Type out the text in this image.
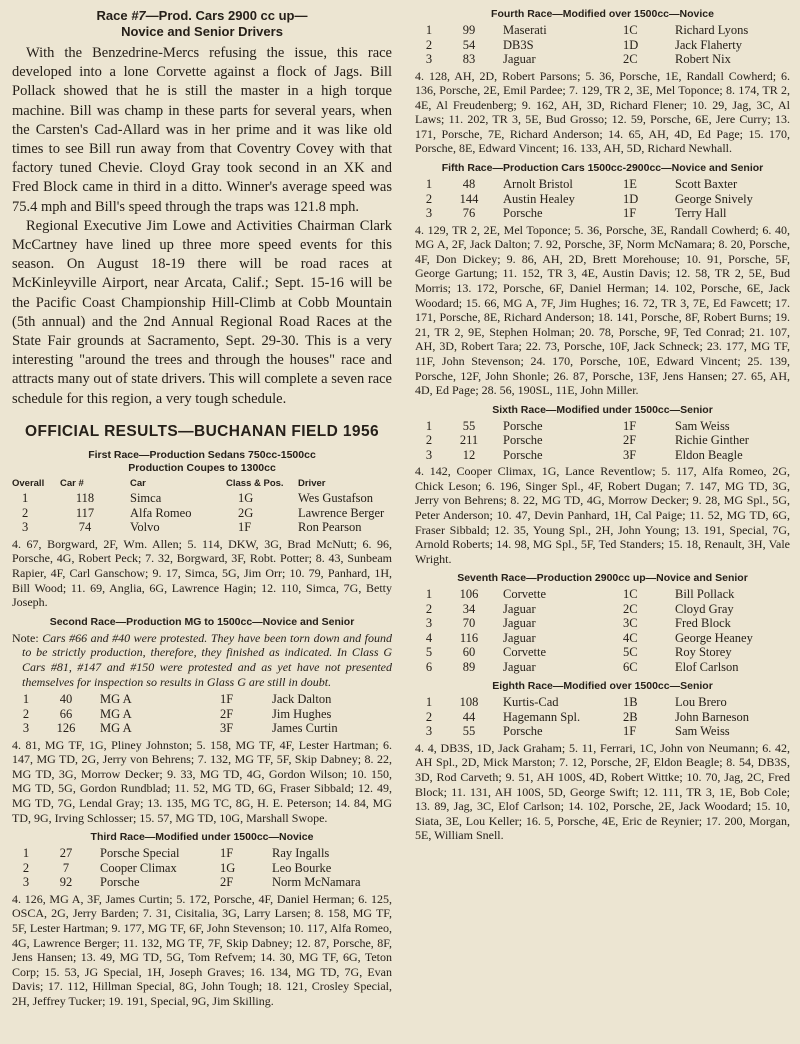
Race #7—Prod. Cars 2900 cc up—
Novice and Senior Drivers

With the Benzedrine-Mercs refusing the issue, this race developed into a lone Corvette against a flock of Jags. Bill Pollack showed that he is still the master in a high torque machine. Bill was champ in these parts for several years, when the Carsten's Cad-Allard was in her prime and it was like old times to see Bill run away from that Coventry Covey with that factory tuned Chevie. Cloyd Gray took second in an XK and Fred Block came in third in a ditto. Winner's average speed was 75.4 mph and Bill's speed through the traps was 121.8 mph.

Regional Executive Jim Lowe and Activities Chairman Clark McCartney have lined up three more speed events for this season. On August 18-19 there will be road races at McKinleyville Airport, near Arcata, Calif.; Sept. 15-16 will be the Pacific Coast Championship Hill-Climb at Cobb Mountain (5th annual) and the 2nd Annual Regional Road Races at the State Fair grounds at Sacramento, Sept. 29-30. This is a very interesting "around the trees and through the houses" race and attracts many out of state drivers. This will complete a seven race schedule for this region, a very tough schedule.

OFFICIAL RESULTS—BUCHANAN FIELD 1956
First Race—Production Sedans 750cc-1500cc
Production Coupes to 1300cc
Overall	Car #	Car	Class & Pos.	Driver
1	118	Simca	1G	Wes Gustafson
2	117	Alfa Romeo	2G	Lawrence Berger
3	74	Volvo	1F	Ron Pearson

4. 67, Borgward, 2F, Wm. Allen; 5. 114, DKW, 3G, Brad McNutt; 6. 96, Porsche, 4G, Robert Peck; 7. 32, Borgward, 3F, Robt. Potter; 8. 43, Sunbeam Rapier, 4F, Carl Ganschow; 9. 17, Simca, 5G, Jim Orr; 10. 79, Panhard, 1H, Bill Wood; 11. 69, Anglia, 6G, Lawrence Hagin; 12. 110, Simca, 7G, Betty Joseph.

Second Race—Production MG to 1500cc—Novice and Senior

Note: Cars #66 and #40 were protested. They have been torn down and found to be strictly production, therefore, they finished as indicated. In Class G Cars #81, #147 and #150 were protested and as yet have not presented themselves for inspection so results in Glass G are still in doubt.

1	40	MG A	1F	Jack Dalton
2	66	MG A	2F	Jim Hughes
3	126	MG A	3F	James Curtin

4. 81, MG TF, 1G, Pliney Johnston; 5. 158, MG TF, 4F, Lester Hartman; 6. 147, MG TD, 2G, Jerry von Behrens; 7. 132, MG TF, 5F, Skip Dabney; 8. 22, MG TD, 3G, Morrow Decker; 9. 33, MG TD, 4G, Gordon Wilson; 10. 150, MG TD, 5G, Gordon Rundblad; 11. 52, MG TD, 6G, Fraser Sibbald; 12. 49, MG TD, 7G, Lendal Gray; 13. 135, MG TC, 8G, H. E. Peterson; 14. 84, MG TD, 9G, Irving Schlosser; 15. 57, MG TD, 10G, Marshall Swope.

Third Race—Modified under 1500cc—Novice
1	27	Porsche Special	1F	Ray Ingalls
2	7	Cooper Climax	1G	Leo Bourke
3	92	Porsche	2F	Norm McNamara

4. 126, MG A, 3F, James Curtin; 5. 172, Porsche, 4F, Daniel Herman; 6. 125, OSCA, 2G, Jerry Barden; 7. 31, Cisitalia, 3G, Larry Larsen; 8. 158, MG TF, 5F, Lester Hartman; 9. 177, MG TF, 6F, John Stevenson; 10. 117, Alfa Romeo, 4G, Lawrence Berger; 11. 132, MG TF, 7F, Skip Dabney; 12. 87, Porsche, 8F, Jens Hansen; 13. 49, MG TD, 5G, Tom Refvem; 14. 30, MG TF, 6G, Teton Corp; 15. 53, JG Special, 1H, Joseph Graves; 16. 134, MG TD, 7G, Evan Davis; 17. 112, Hillman Special, 8G, John Tough; 18. 121, Crosley Special, 2H, Jeffrey Tucker; 19. 191, Special, 9G, Jim Skilling.

Fourth Race—Modified over 1500cc—Novice
1	99	Maserati	1C	Richard Lyons
2	54	DB3S	1D	Jack Flaherty
3	83	Jaguar	2C	Robert Nix

4. 128, AH, 2D, Robert Parsons; 5. 36, Porsche, 1E, Randall Cowherd; 6. 136, Porsche, 2E, Emil Pardee; 7. 129, TR 2, 3E, Mel Toponce; 8. 174, TR 2, 4E, Al Freudenberg; 9. 162, AH, 3D, Richard Flener; 10. 29, Jag, 3C, Al Laws; 11. 202, TR 3, 5E, Bud Grosso; 12. 59, Porsche, 6E, Jere Curry; 13. 171, Porsche, 7E, Richard Anderson; 14. 65, AH, 4D, Ed Page; 15. 170, Porsche, 8E, Edward Vincent; 16. 133, AH, 5D, Richard Newhall.

Fifth Race—Production Cars 1500cc-2900cc—Novice and Senior
1	48	Arnolt Bristol	1E	Scott Baxter
2	144	Austin Healey	1D	George Snively
3	76	Porsche	1F	Terry Hall

4. 129, TR 2, 2E, Mel Toponce; 5. 36, Porsche, 3E, Randall Cowherd; 6. 40, MG A, 2F, Jack Dalton; 7. 92, Porsche, 3F, Norm McNamara; 8. 20, Porsche, 4F, Don Dickey; 9. 86, AH, 2D, Brett Morehouse; 10. 91, Porsche, 5F, George Gartung; 11. 152, TR 3, 4E, Austin Davis; 12. 58, TR 2, 5E, Bud Morris; 13. 172, Porsche, 6F, Daniel Herman; 14. 102, Porsche, 6E, Jack Woodard; 15. 66, MG A, 7F, Jim Hughes; 16. 72, TR 3, 7E, Ed Fawcett; 17. 171, Porsche, 8E, Richard Anderson; 18. 141, Porsche, 8F, Robert Burns; 19. 21, TR 2, 9E, Stephen Holman; 20. 78, Porsche, 9F, Ted Conrad; 21. 107, AH, 3D, Robert Tara; 22. 73, Porsche, 10F, Jack Schneck; 23. 177, MG TF, 11F, John Stevenson; 24. 170, Porsche, 10E, Edward Vincent; 25. 139, Porsche, 12F, John Shonle; 26. 87, Porsche, 13F, Jens Hansen; 27. 65, AH, 4D, Ed Page; 28. 56, 190SL, 11E, John Miller.

Sixth Race—Modified under 1500cc—Senior
1	55	Porsche	1F	Sam Weiss
2	211	Porsche	2F	Richie Ginther
3	12	Porsche	3F	Eldon Beagle

4. 142, Cooper Climax, 1G, Lance Reventlow; 5. 117, Alfa Romeo, 2G, Chick Leson; 6. 196, Singer Spl., 4F, Robert Dugan; 7. 147, MG TD, 3G, Jerry von Behrens; 8. 22, MG TD, 4G, Morrow Decker; 9. 28, MG Spl., 5G, Peter Anderson; 10. 47, Devin Panhard, 1H, Cal Paige; 11. 52, MG TD, 6G, Fraser Sibbald; 12. 35, Young Spl., 2H, John Young; 13. 191, Special, 7G, Arnold Roberts; 14. 98, MG Spl., 5F, Ted Standers; 15. 18, Renault, 3H, Vale Wright.

Seventh Race—Production 2900cc up—Novice and Senior
1	106	Corvette	1C	Bill Pollack
2	34	Jaguar	2C	Cloyd Gray
3	70	Jaguar	3C	Fred Block
4	116	Jaguar	4C	George Heaney
5	60	Corvette	5C	Roy Storey
6	89	Jaguar	6C	Elof Carlson
Eighth Race—Modified over 1500cc—Senior
1	108	Kurtis-Cad	1B	Lou Brero
2	44	Hagemann Spl.	2B	John Barneson
3	55	Porsche	1F	Sam Weiss

4. 4, DB3S, 1D, Jack Graham; 5. 11, Ferrari, 1C, John von Neumann; 6. 42, AH Spl., 2D, Mick Marston; 7. 12, Porsche, 2F, Eldon Beagle; 8. 54, DB3S, 3D, Rod Carveth; 9. 51, AH 100S, 4D, Robert Wittke; 10. 70, Jag, 2C, Fred Block; 11. 131, AH 100S, 5D, George Swift; 12. 111, TR 3, 1E, Bob Cole; 13. 89, Jag, 3C, Elof Carlson; 14. 102, Porsche, 2E, Jack Woodard; 15. 10, Siata, 3E, Lou Keller; 16. 5, Porsche, 4E, Eric de Reynier; 17. 200, Morgan, 5E, William Snell.
